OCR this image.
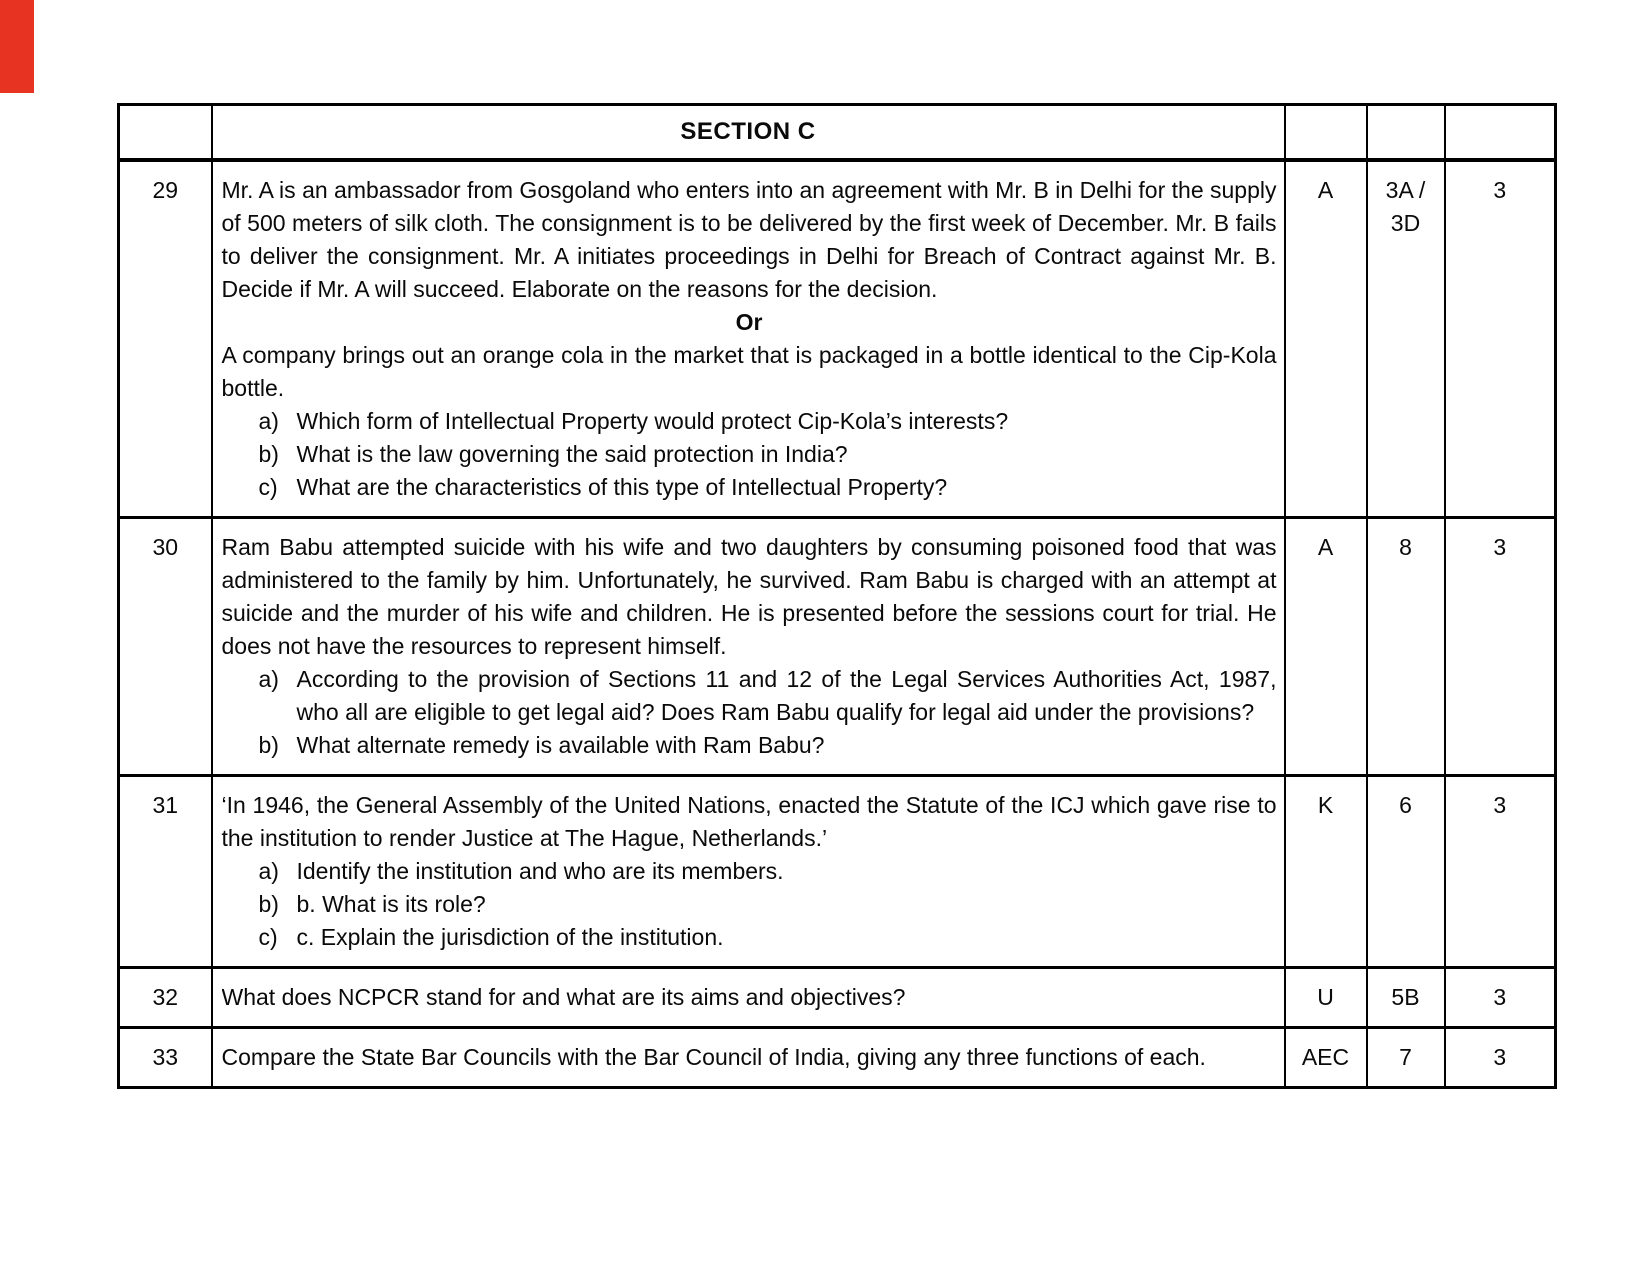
	SECTION C			
29	Mr. A is an ambassador from Gosgoland who enters into an agreement with Mr. B in Delhi for the supply of 500 meters of silk cloth. The consignment is to be delivered by the first week of December. Mr. B fails to deliver the consignment. Mr. A initiates proceedings in Delhi for Breach of Contract against Mr. B. Decide if Mr. A will succeed. Elaborate on the reasons for the decision.
Or
A company brings out an orange cola in the market that is packaged in a bottle identical to the Cip-Kola bottle.
a) Which form of Intellectual Property would protect Cip-Kola’s interests?
b) What is the law governing the said protection in India?
c) What are the characteristics of this type of Intellectual Property?
	A	3A / 3D	3
30	Ram Babu attempted suicide with his wife and two daughters by consuming poisoned food that was administered to the family by him. Unfortunately, he survived. Ram Babu is charged with an attempt at suicide and the murder of his wife and children. He is presented before the sessions court for trial. He does not have the resources to represent himself.
a) According to the provision of Sections 11 and 12 of the Legal Services Authorities Act, 1987, who all are eligible to get legal aid? Does Ram Babu qualify for legal aid under the provisions?
b) What alternate remedy is available with Ram Babu?	A	8	3
31	‘In 1946, the General Assembly of the United Nations, enacted the Statute of the ICJ which gave rise to the institution to render Justice at The Hague, Netherlands.’
a) Identify the institution and who are its members.
b) b. What is its role?
c) c. Explain the jurisdiction of the institution.
	K	6	3
32	What does NCPCR stand for and what are its aims and objectives?	U	5B	3
33	Compare the State Bar Councils with the Bar Council of India, giving any three functions of each.	AEC	7	3
